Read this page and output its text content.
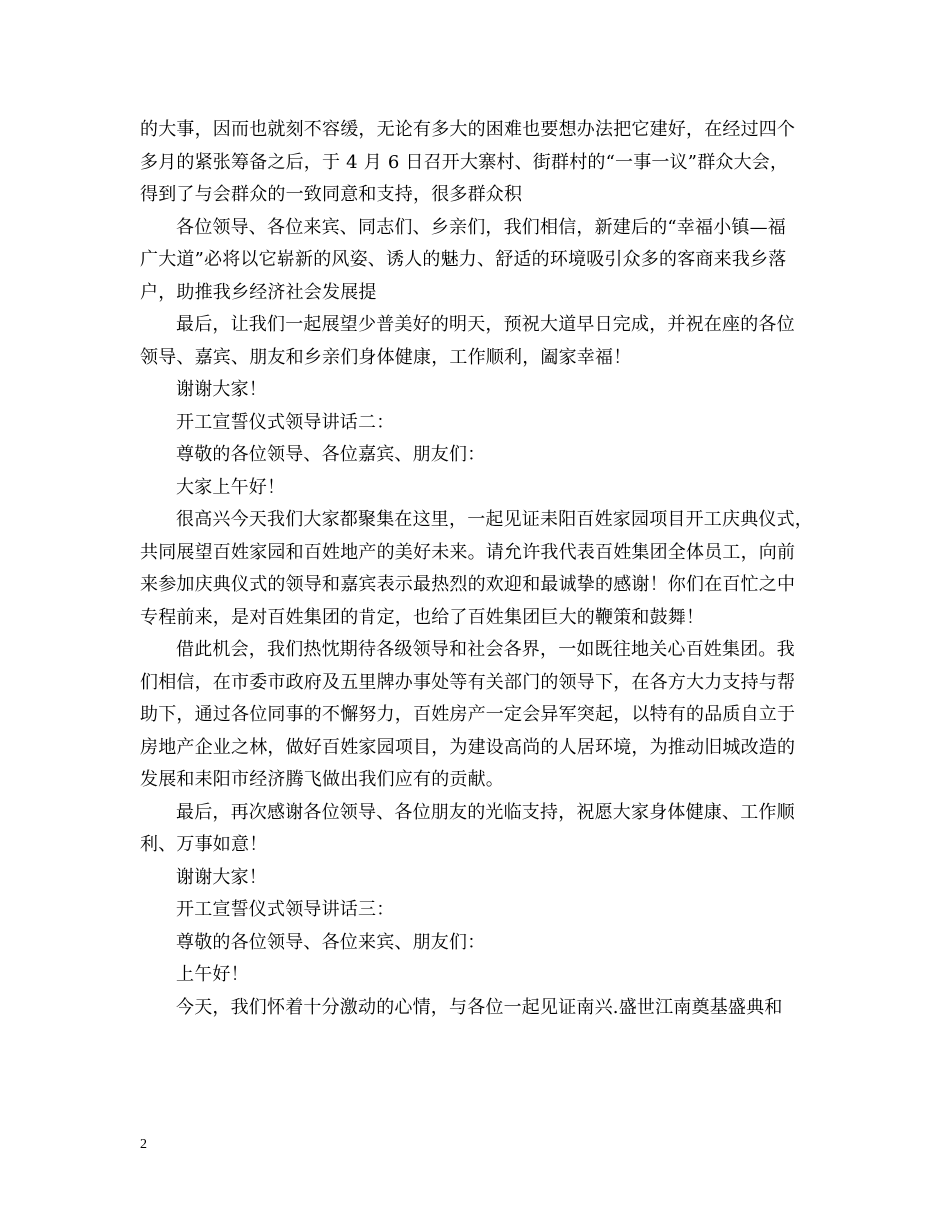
的大事，因而也就刻不容缓，无论有多大的困难也要想办法把它建好，在经过四个
多月的紧张筹备之后，于 4 月 6 日召开大寨村、街群村的“一事一议”群众大会，
得到了与会群众的一致同意和支持，很多群众积
各位领导、各位来宾、同志们、乡亲们，我们相信，新建后的“幸福小镇—福
广大道”必将以它崭新的风姿、诱人的魅力、舒适的环境吸引众多的客商来我乡落
户，助推我乡经济社会发展提
最后，让我们一起展望少普美好的明天，预祝大道早日完成，并祝在座的各位
领导、嘉宾、朋友和乡亲们身体健康，工作顺利，阖家幸福！
谢谢大家！
开工宣誓仪式领导讲话二：
尊敬的各位领导、各位嘉宾、朋友们：
大家上午好！
很高兴今天我们大家都聚集在这里，一起见证耒阳百姓家园项目开工庆典仪式，
共同展望百姓家园和百姓地产的美好未来。请允许我代表百姓集团全体员工，向前
来参加庆典仪式的领导和嘉宾表示最热烈的欢迎和最诚挚的感谢！你们在百忙之中
专程前来，是对百姓集团的肯定，也给了百姓集团巨大的鞭策和鼓舞！
借此机会，我们热忱期待各级领导和社会各界，一如既往地关心百姓集团。我
们相信，在市委市政府及五里牌办事处等有关部门的领导下，在各方大力支持与帮
助下，通过各位同事的不懈努力，百姓房产一定会异军突起，以特有的品质自立于
房地产企业之林，做好百姓家园项目，为建设高尚的人居环境，为推动旧城改造的
发展和耒阳市经济腾飞做出我们应有的贡献。
最后，再次感谢各位领导、各位朋友的光临支持，祝愿大家身体健康、工作顺
利、万事如意！
谢谢大家！
开工宣誓仪式领导讲话三：
尊敬的各位领导、各位来宾、朋友们：
上午好！
今天，我们怀着十分激动的心情，与各位一起见证南兴.盛世江南奠基盛典和
2
